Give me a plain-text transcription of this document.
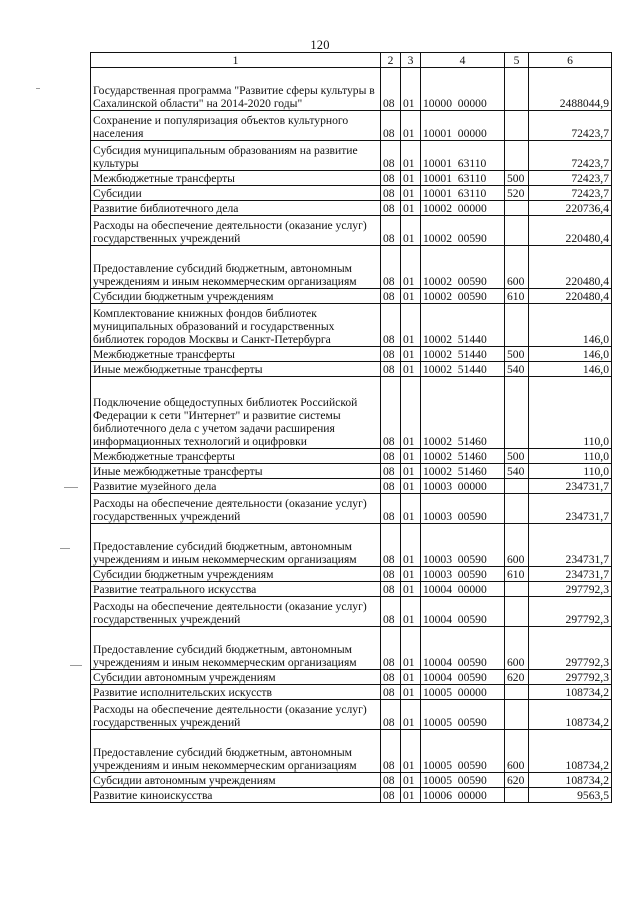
120
1	2	3	4	5	6
Государственная программа "Развитие сферы культуры в Сахалинской области" на 2014-2020 годы"	08	01	10000  00000		2488044,9
Сохранение и популяризация объектов культурного населения	08	01	10001  00000		72423,7
Субсидия муниципальным образованиям на развитие культуры	08	01	10001  63110		72423,7
Межбюджетные трансферты	08	01	10001  63110	500	72423,7
Субсидии	08	01	10001  63110	520	72423,7
Развитие библиотечного дела	08	01	10002  00000		220736,4
Расходы на обеспечение деятельности (оказание услуг) государственных учреждений	08	01	10002  00590		220480,4
Предоставление субсидий бюджетным, автономным учреждениям и иным некоммерческим организациям	08	01	10002  00590	600	220480,4
Субсидии бюджетным учреждениям	08	01	10002  00590	610	220480,4
Комплектование книжных фондов библиотек муниципальных образований и государственных библиотек городов Москвы и Санкт-Петербурга	08	01	10002  51440		146,0
Межбюджетные трансферты	08	01	10002  51440	500	146,0
Иные межбюджетные трансферты	08	01	10002  51440	540	146,0
Подключение общедоступных библиотек Российской Федерации к сети "Интернет" и развитие системы библиотечного дела с учетом задачи расширения информационных технологий и оцифровки	08	01	10002  51460		110,0
Межбюджетные трансферты	08	01	10002  51460	500	110,0
Иные межбюджетные трансферты	08	01	10002  51460	540	110,0
Развитие музейного дела	08	01	10003  00000		234731,7
Расходы на обеспечение деятельности (оказание услуг) государственных учреждений	08	01	10003  00590		234731,7
Предоставление субсидий бюджетным, автономным учреждениям и иным некоммерческим организациям	08	01	10003  00590	600	234731,7
Субсидии бюджетным учреждениям	08	01	10003  00590	610	234731,7
Развитие театрального искусства	08	01	10004  00000		297792,3
Расходы на обеспечение деятельности (оказание услуг) государственных учреждений	08	01	10004  00590		297792,3
Предоставление субсидий бюджетным, автономным учреждениям и иным некоммерческим организациям	08	01	10004  00590	600	297792,3
Субсидии автономным учреждениям	08	01	10004  00590	620	297792,3
Развитие исполнительских искусств	08	01	10005  00000		108734,2
Расходы на обеспечение деятельности (оказание услуг) государственных учреждений	08	01	10005  00590		108734,2
Предоставление субсидий бюджетным, автономным учреждениям и иным некоммерческим организациям	08	01	10005  00590	600	108734,2
Субсидии автономным учреждениям	08	01	10005  00590	620	108734,2
Развитие киноискусства	08	01	10006  00000		9563,5
